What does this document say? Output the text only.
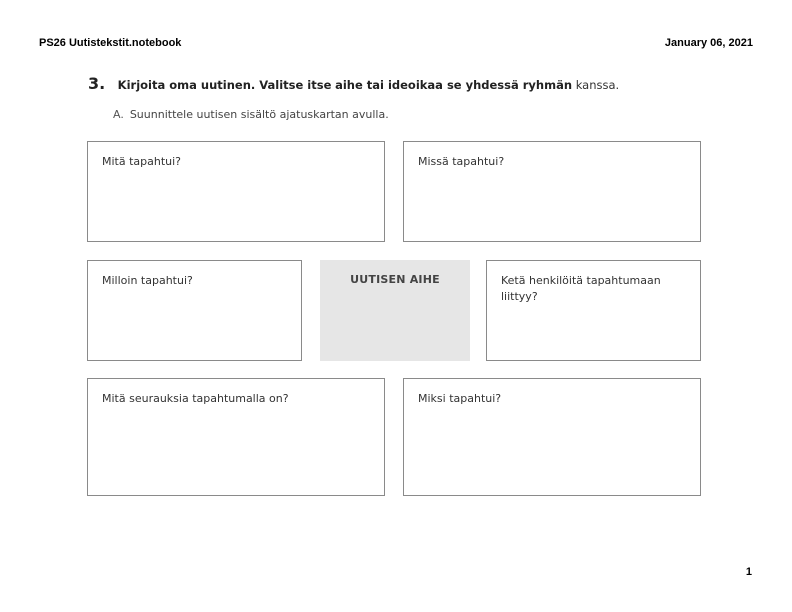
PS26 Uutistekstit.notebook	January 06, 2021
3. Kirjoita oma uutinen. Valitse itse aihe tai ideoikaa se yhdessä ryhmän kanssa.
A. Suunnittele uutisen sisältö ajatuskartan avulla.
Mitä tapahtui?	Missä tapahtui?
Milloin tapahtui?	UUTISEN AIHE	Ketä henkilöitä tapahtumaan liittyy?
Mitä seurauksia tapahtumalla on?	Miksi tapahtui?
1
